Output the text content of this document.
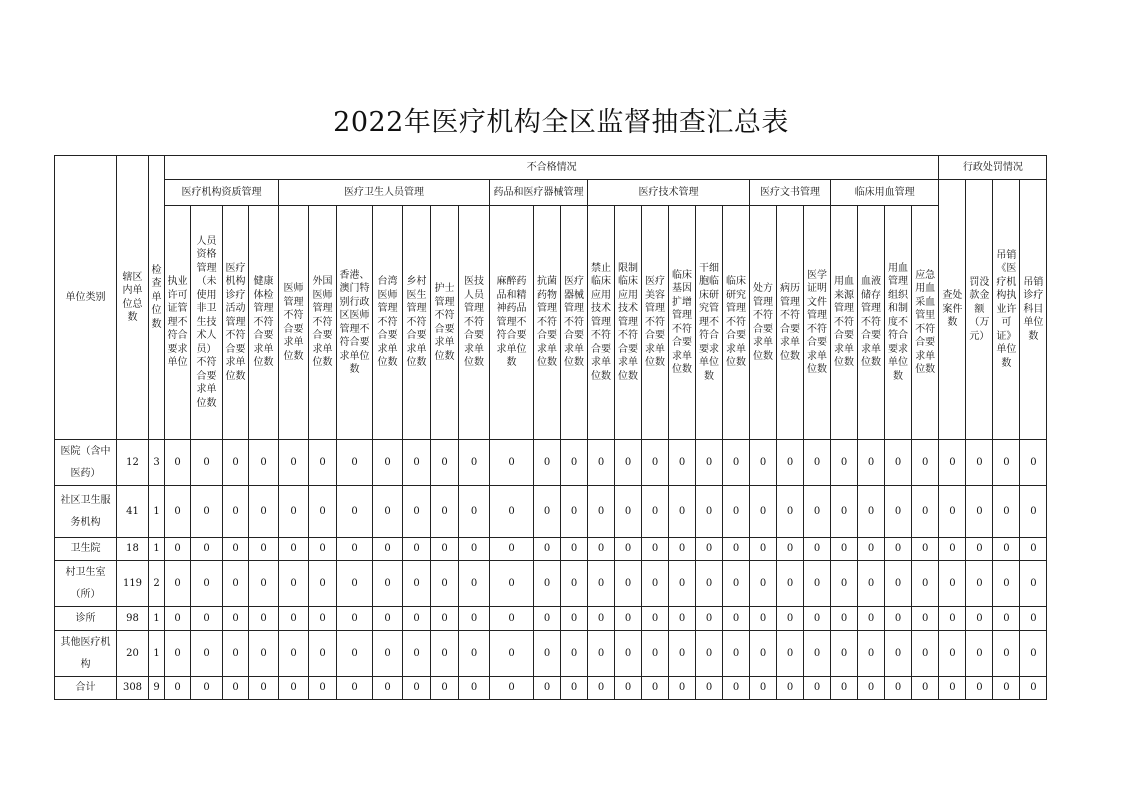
2022年医疗机构全区监督抽查汇总表
单位类别	辖区内单位总数	检查单位数	不合格情况																											行政处罚情况			
			医疗机构资质管理				医疗卫生人员管理							药品和医疗器械管理			医疗技术管理						医疗文书管理			临床用血管理				查处案件数	罚没款金额（万元）	吊销《医疗机构执业许可证》单位数	吊销诊疗科目单位数
			执业许可证管理不符合要求单位	人员资格管理（未使用非卫生技术人员）不符合要求单位数	医疗机构诊疗活动管理不符合要求单位数	健康体检管理不符合要求单位数	医师管理不符合要求单位数	外国医师管理不符合要求单位数	香港、澳门特别行政区医师管理不符合要求单位数	台湾医师管理不符合要求单位数	乡村医生管理不符合要求单位数	护士管理不符合要求单位数	医技人员管理不符合要求单位数	麻醉药品和精神药品管理不符合要求单位数	抗菌药物管理不符合要求单位数	医疗器械管理不符合要求单位数	禁止临床应用技术管理不符合要求单位数	限制临床应用技术管理不符合要求单位数	医疗美容管理不符合要求单位数	临床基因扩增管理不符合要求单位数	干细胞临床研究管理不符合要求单位数	临床研究管理不符合要求单位数	处方管理不符合要求单位数	病历管理不符合要求单位数	医学证明文件管理不符合要求单位数	用血来源管理不符合要求单位数	血液储存管理不符合要求单位数	用血管理组织和制度不符合要求单位数	应急用血采血管里不符合要求单位数				
医院（含中医药）	12	3	0	0	0	0	0	0	0	0	0	0	0	0	0	0	0	0	0	0	0	0	0	0	0	0	0	0	0	0	0	0	0
社区卫生服务机构	41	1	0	0	0	0	0	0	0	0	0	0	0	0	0	0	0	0	0	0	0	0	0	0	0	0	0	0	0	0	0	0	0
卫生院	18	1	0	0	0	0	0	0	0	0	0	0	0	0	0	0	0	0	0	0	0	0	0	0	0	0	0	0	0	0	0	0	0
村卫生室（所）	119	2	0	0	0	0	0	0	0	0	0	0	0	0	0	0	0	0	0	0	0	0	0	0	0	0	0	0	0	0	0	0	0
诊所	98	1	0	0	0	0	0	0	0	0	0	0	0	0	0	0	0	0	0	0	0	0	0	0	0	0	0	0	0	0	0	0	0
其他医疗机构	20	1	0	0	0	0	0	0	0	0	0	0	0	0	0	0	0	0	0	0	0	0	0	0	0	0	0	0	0	0	0	0	0
合计	308	9	0	0	0	0	0	0	0	0	0	0	0	0	0	0	0	0	0	0	0	0	0	0	0	0	0	0	0	0	0	0	0
